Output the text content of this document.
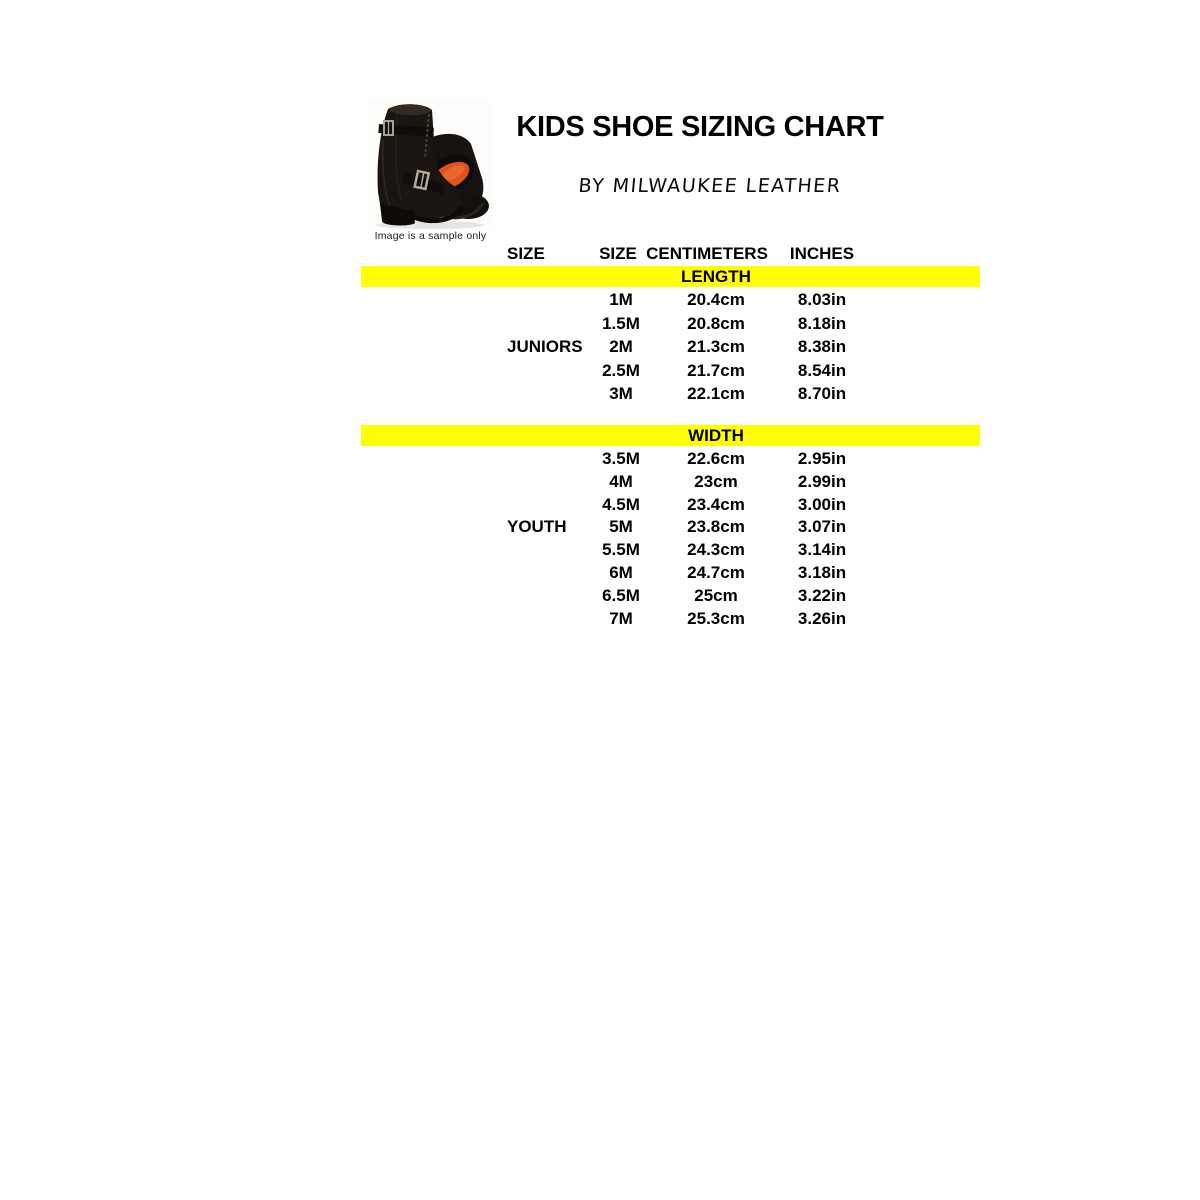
Image is a sample only
KIDS SHOE SIZING CHART
BY MILWAUKEE LEATHER
SIZE	SIZE CENTIMETERS	INCHES
LENGTH
1M	20.4cm	8.03in
1.5M	20.8cm	8.18in
JUNIORS	2M	21.3cm	8.38in
2.5M	21.7cm	8.54in
3M	22.1cm	8.70in
WIDTH
3.5M	22.6cm	2.95in
4M	23cm	2.99in
4.5M	23.4cm	3.00in
YOUTH	5M	23.8cm	3.07in
5.5M	24.3cm	3.14in
6M	24.7cm	3.18in
6.5M	25cm	3.22in
7M	25.3cm	3.26in
